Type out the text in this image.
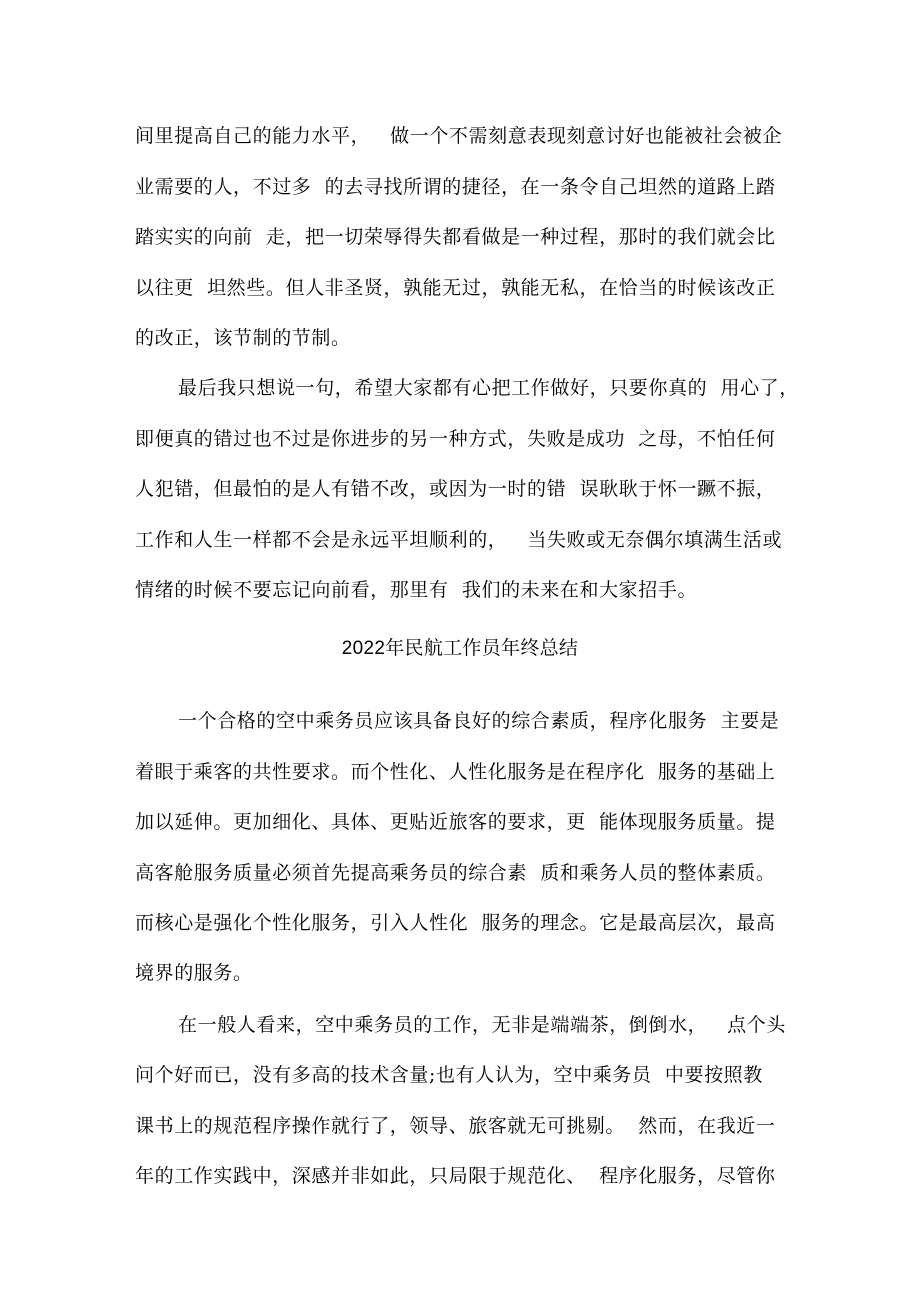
间里提高自己的能力水平，   做一个不需刻意表现刻意讨好也能被社会被企
业需要的人，不过多  的去寻找所谓的捷径，在一条令自己坦然的道路上踏
踏实实的向前  走，把一切荣辱得失都看做是一种过程，那时的我们就会比
以往更  坦然些。但人非圣贤，孰能无过，孰能无私，在恰当的时候该改正
的改正，该节制的节制。
最后我只想说一句，希望大家都有心把工作做好，只要你真的  用心了，
即便真的错过也不过是你进步的另一种方式，失败是成功  之母，不怕任何
人犯错，但最怕的是人有错不改，或因为一时的错  误耿耿于怀一蹶不振，
工作和人生一样都不会是永远平坦顺利的，   当失败或无奈偶尔填满生活或
情绪的时候不要忘记向前看，那里有  我们的未来在和大家招手。
2022年民航工作员年终总结
一个合格的空中乘务员应该具备良好的综合素质，程序化服务  主要是
着眼于乘客的共性要求。而个性化、人性化服务是在程序化  服务的基础上
加以延伸。更加细化、具体、更贴近旅客的要求，更  能体现服务质量。提
高客舱服务质量必须首先提高乘务员的综合素  质和乘务人员的整体素质。
而核心是强化个性化服务，引入人性化  服务的理念。它是最高层次，最高
境界的服务。
在一般人看来，空中乘务员的工作，无非是端端茶，倒倒水，   点个头
问个好而已，没有多高的技术含量;也有人认为，空中乘务员  中要按照教
课书上的规范程序操作就行了，领导、旅客就无可挑剔。  然而，在我近一
年的工作实践中，深感并非如此，只局限于规范化、  程序化服务，尽管你
